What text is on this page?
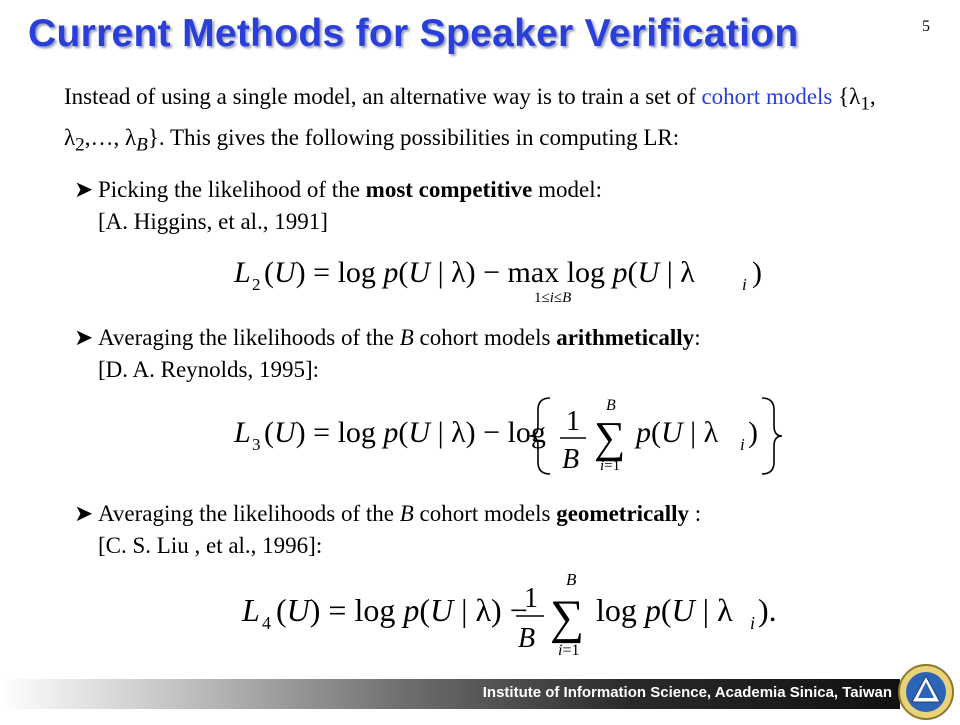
Current Methods for Speaker Verification	5
Instead of using a single model, an alternative way is to train a set of cohort models {$\lambda_1$, $\lambda_2,\dots$, $\lambda_B$}. This gives the following possibilities in computing LR:
➤ Picking the likelihood of the most competitive model:
[A. Higgins, et al., 1991]
L 2 (U) = log p(U | λ) − max log p(U | λ	i )
1≤i≤B
➤ Averaging the likelihoods of the B cohort models arithmetically:
[D. A. Reynolds, 1995]:
L 3 (U) = log p(U | λ) − log 1
B ∑
B
i=1
p(U | λ i )
➤ Averaging the likelihoods of the B cohort models geometrically :
[C. S. Liu , et al., 1996]:
L 4 (U) = log p(U | λ) −
1
B ∑
B
i=1
log p(U | λ i ).
Institute of Information Science, Academia Sinica, Taiwan
